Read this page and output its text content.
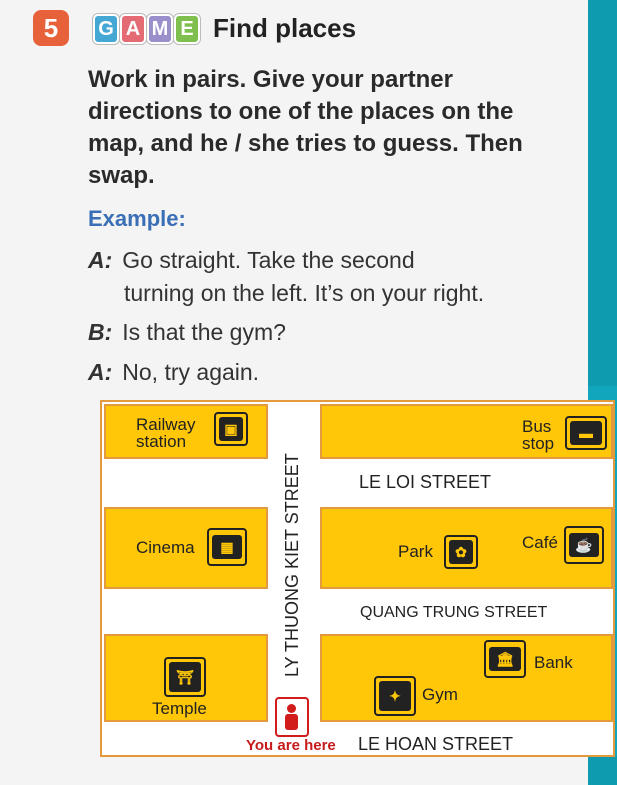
5	G A M E Find places

Work in pairs. Give your partner directions to one of the places on the map, and he / she tries to guess. Then swap.

Example:
A: Go straight. Take the second
turning on the left. It’s on your right.
B: Is that the gym?
A: No, try again.
Railway
station
▣	Bus
stop
▬
LE LOI STREET
Cinema	▦	Park	✿	Café	☕
QUANG TRUNG STREET
⛩
Temple
🏛	Bank
✦	Gym
LY THUONG KIET STREET
You are here LE HOAN STREET
